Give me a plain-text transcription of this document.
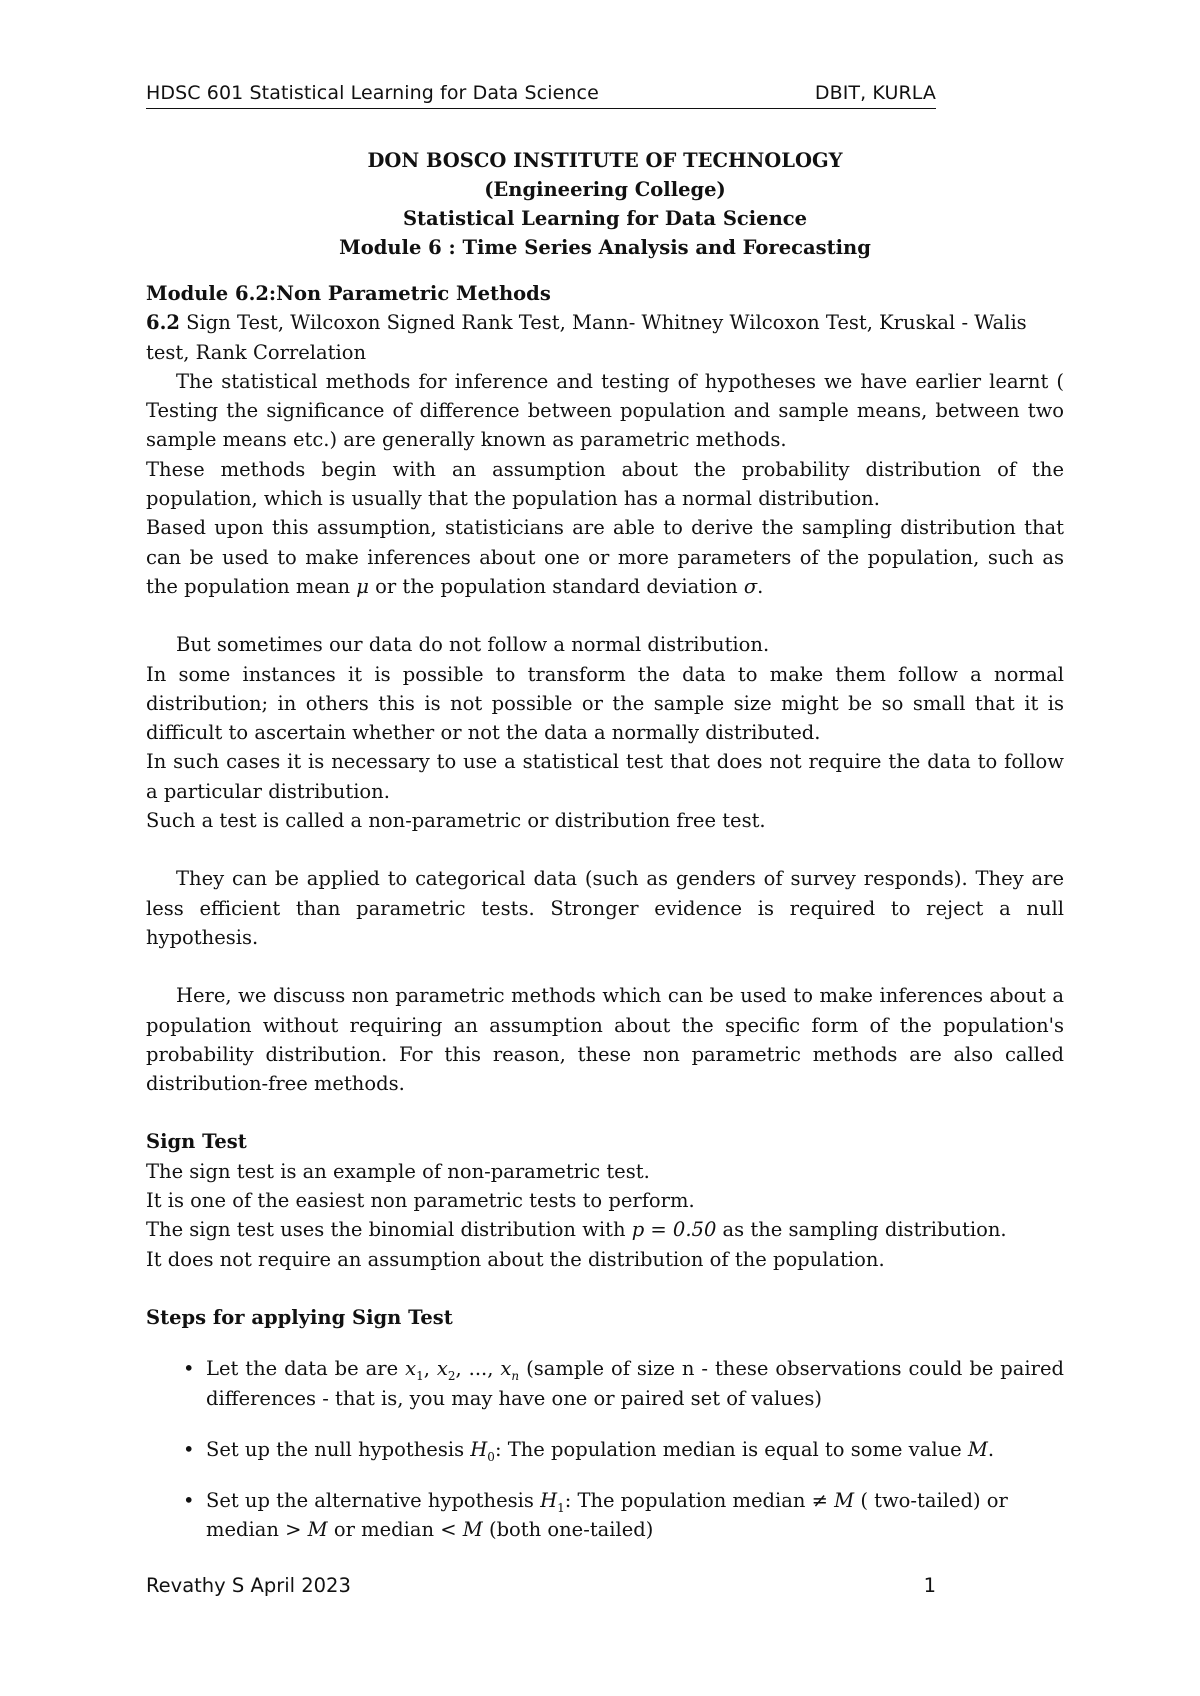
HDSC 601 Statistical Learning for Data Science	DBIT, KURLA
DON BOSCO INSTITUTE OF TECHNOLOGY
(Engineering College)
Statistical Learning for Data Science
Module 6 : Time Series Analysis and Forecasting

Module 6.2:Non Parametric Methods

6.2 Sign Test, Wilcoxon Signed Rank Test, Mann- Whitney Wilcoxon Test, Kruskal - Walis test, Rank Correlation

The statistical methods for inference and testing of hypotheses we have earlier learnt ( Testing the significance of difference between population and sample means, between two sample means etc.) are generally known as parametric methods.

These methods begin with an assumption about the probability distribution of the population, which is usually that the population has a normal distribution.

Based upon this assumption, statisticians are able to derive the sampling distribution that can be used to make inferences about one or more parameters of the population, such as the population mean μ or the population standard deviation σ.

But sometimes our data do not follow a normal distribution.

In some instances it is possible to transform the data to make them follow a normal distribution; in others this is not possible or the sample size might be so small that it is difficult to ascertain whether or not the data a normally distributed.

In such cases it is necessary to use a statistical test that does not require the data to follow a particular distribution.

Such a test is called a non-parametric or distribution free test.

They can be applied to categorical data (such as genders of survey responds). They are less efficient than parametric tests. Stronger evidence is required to reject a null hypothesis.

Here, we discuss non parametric methods which can be used to make inferences about a population without requiring an assumption about the specific form of the population's probability distribution. For this reason, these non parametric methods are also called distribution-free methods.

Sign Test

The sign test is an example of non-parametric test.

It is one of the easiest non parametric tests to perform.

The sign test uses the binomial distribution with p = 0.50 as the sampling distribution.

It does not require an assumption about the distribution of the population.

Steps for applying Sign Test

• Let the data be are $x_1$, $x_2$, ..., $x_n$ (sample of size n - these observations could be paired differences - that is, you may have one or paired set of values)
• Set up the null hypothesis $H_0$: The population median is equal to some value M.
• Set up the alternative hypothesis $H_1$: The population median ≠ M ( two-tailed) or median > M or median < M (both one-tailed)
Revathy S April 2023	1
